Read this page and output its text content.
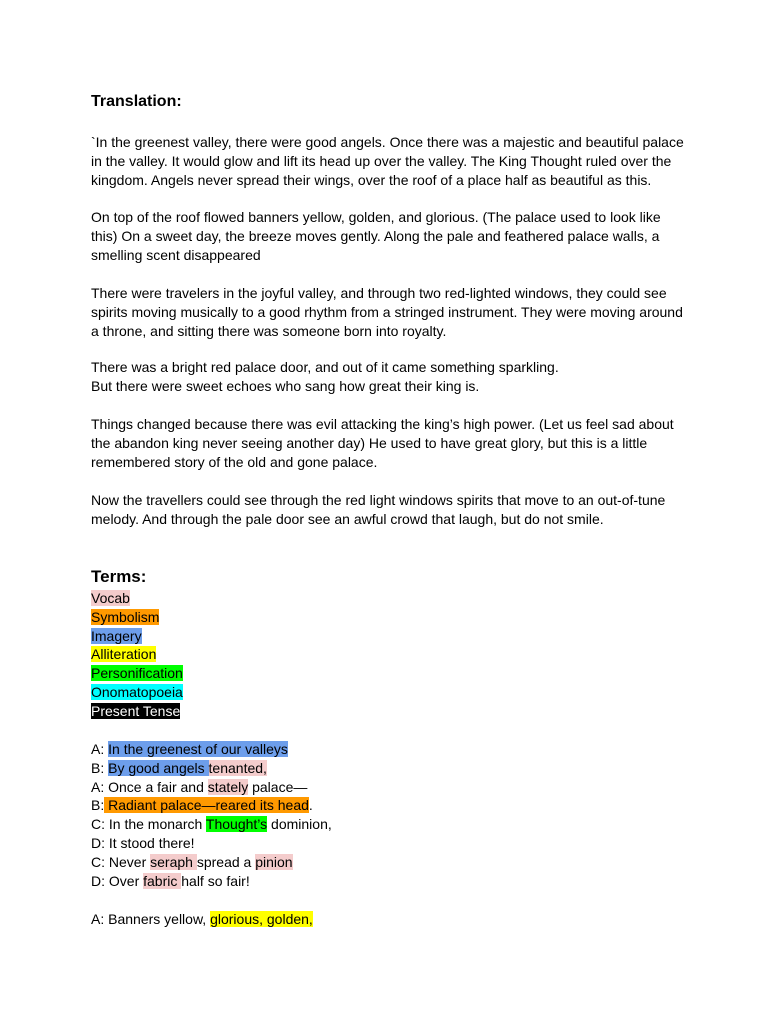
Translation:

`In the greenest valley, there were good angels. Once there was a majestic and beautiful palace
in the valley. It would glow and lift its head up over the valley. The King Thought ruled over the
kingdom. Angels never spread their wings, over the roof of a place half as beautiful as this.

On top of the roof flowed banners yellow, golden, and glorious. (The palace used to look like
this) On a sweet day, the breeze moves gently. Along the pale and feathered palace walls, a
smelling scent disappeared

There were travelers in the joyful valley, and through two red-lighted windows, they could see
spirits moving musically to a good rhythm from a stringed instrument. They were moving around
a throne, and sitting there was someone born into royalty.

There was a bright red palace door, and out of it came something sparkling.
But there were sweet echoes who sang how great their king is.

Things changed because there was evil attacking the king’s high power. (Let us feel sad about
the abandon king never seeing another day) He used to have great glory, but this is a little
remembered story of the old and gone palace.

Now the travellers could see through the red light windows spirits that move to an out-of-tune
melody. And through the pale door see an awful crowd that laugh, but do not smile.

Terms:
Vocab
Symbolism
Imagery
Alliteration
Personification
Onomatopoeia
Present Tense
A: In the greenest of our valleys
B: By good angels tenanted,
A: Once a fair and stately palace—
B: Radiant palace—reared its head.
C: In the monarch Thought’s dominion,
D: It stood there!
C: Never seraph spread a pinion
D: Over fabric half so fair!
A: Banners yellow, glorious, golden,
